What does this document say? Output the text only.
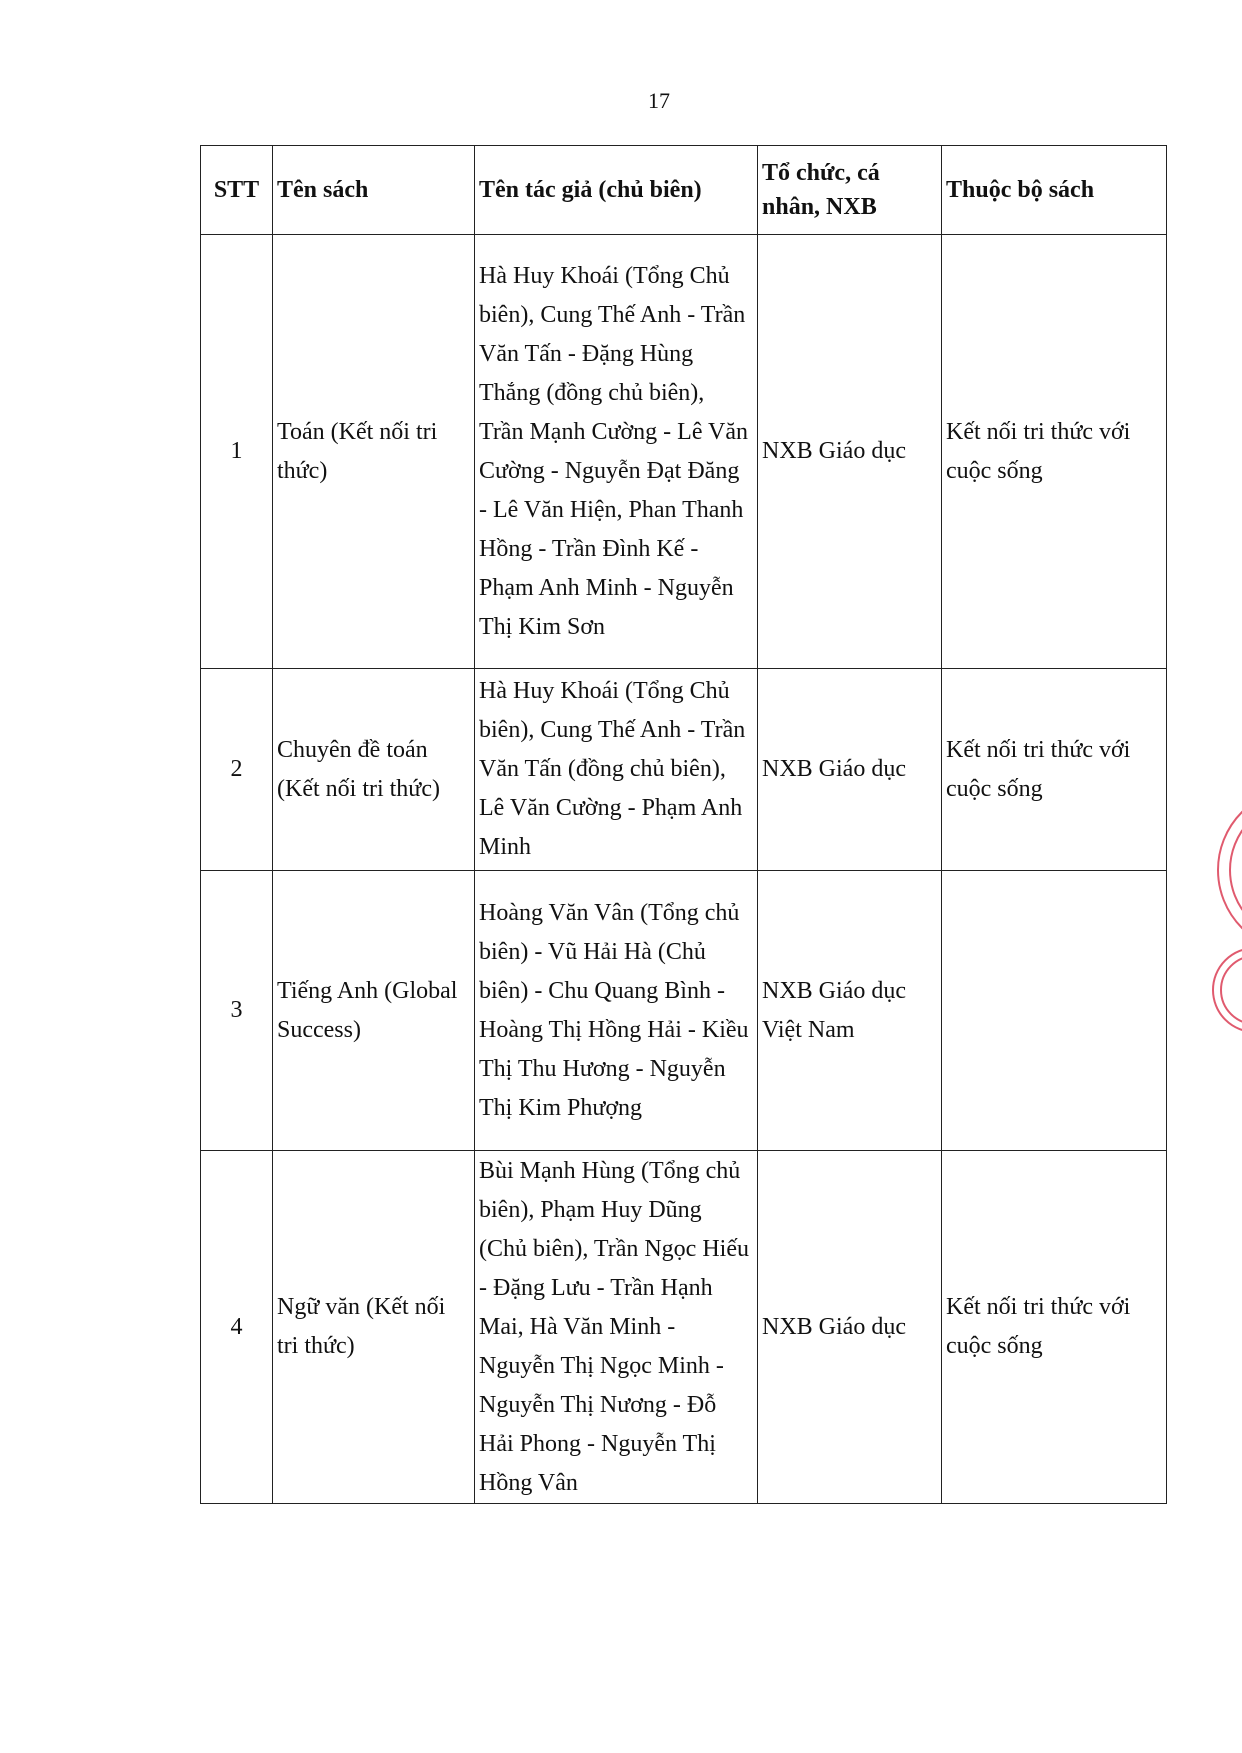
17
STT	Tên sách	Tên tác giả (chủ biên)	Tổ chức, cá nhân, NXB	Thuộc bộ sách
1	Toán (Kết nối tri thức)	Hà Huy Khoái (Tổng Chủ biên), Cung Thế Anh - Trần Văn Tấn - Đặng Hùng Thắng (đồng chủ biên), Trần Mạnh Cường - Lê Văn Cường - Nguyễn Đạt Đăng - Lê Văn Hiện, Phan Thanh Hồng - Trần Đình Kế - Phạm Anh Minh - Nguyễn Thị Kim Sơn	NXB Giáo dục	Kết nối tri thức với cuộc sống
2	Chuyên đề toán (Kết nối tri thức)	Hà Huy Khoái (Tổng Chủ biên), Cung Thế Anh - Trần Văn Tấn (đồng chủ biên), Lê Văn Cường - Phạm Anh Minh	NXB Giáo dục	Kết nối tri thức với cuộc sống
3	Tiếng Anh (Global Success)	Hoàng Văn Vân (Tổng chủ biên) - Vũ Hải Hà (Chủ biên) - Chu Quang Bình - Hoàng Thị Hồng Hải - Kiều Thị Thu Hương - Nguyễn Thị Kim Phượng	NXB Giáo dục Việt Nam	
4	Ngữ văn (Kết nối tri thức)	Bùi Mạnh Hùng (Tổng chủ biên), Phạm Huy Dũng (Chủ biên), Trần Ngọc Hiếu - Đặng Lưu - Trần Hạnh Mai, Hà Văn Minh - Nguyễn Thị Ngọc Minh - Nguyễn Thị Nương - Đỗ Hải Phong - Nguyễn Thị Hồng Vân	NXB Giáo dục	Kết nối tri thức với cuộc sống
